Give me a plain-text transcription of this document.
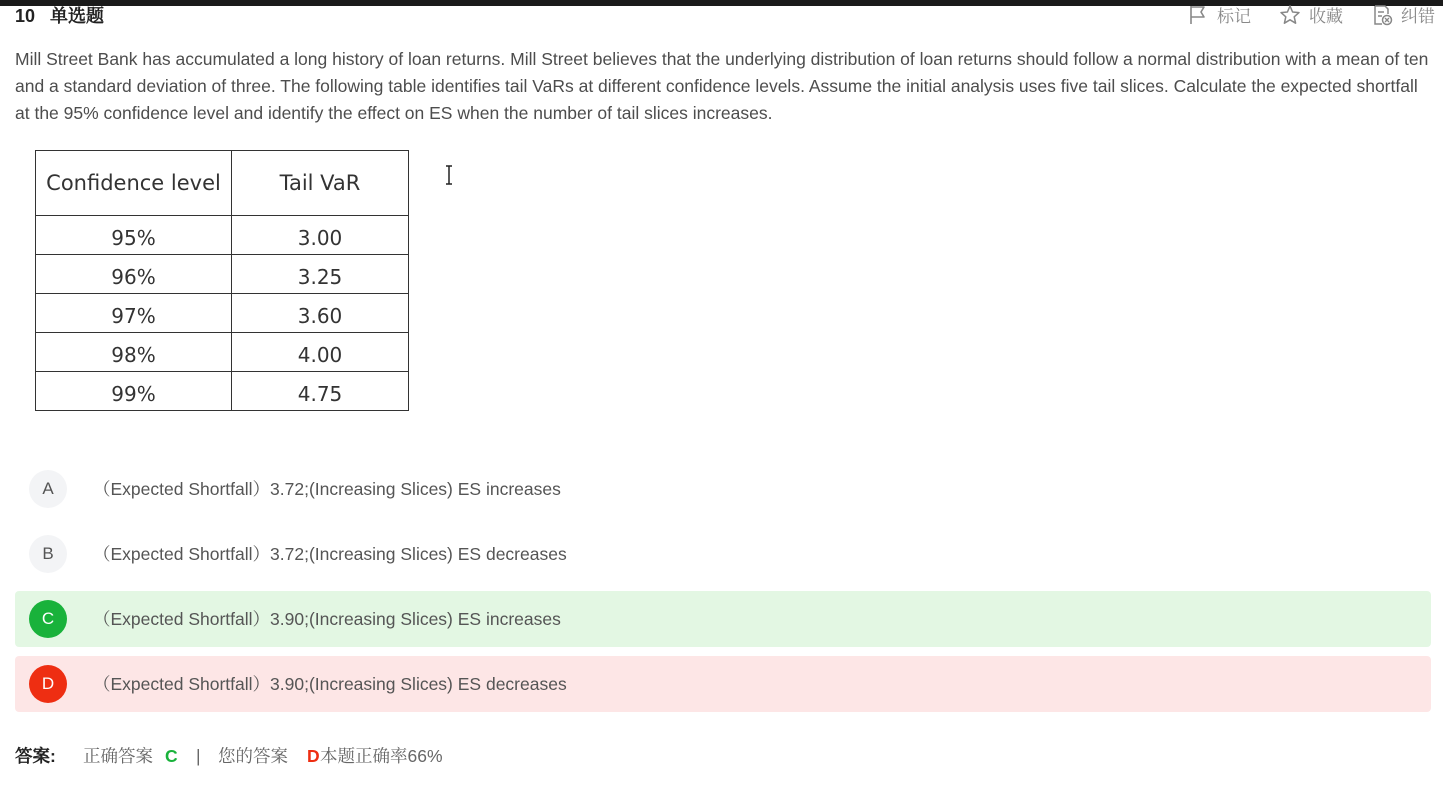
10 单选题	标记	收藏	纠错

Mill Street Bank has accumulated a long history of loan returns. Mill Street believes that the underlying distribution of loan returns should follow a normal distribution with a mean of ten and a standard deviation of three. The following table identifies tail VaRs at different confidence levels. Assume the initial analysis uses five tail slices. Calculate the expected shortfall at the 95% confidence level and identify the effect on ES when the number of tail slices increases.

Confidence level	Tail VaR
95%	3.00
96%	3.25
97%	3.60
98%	4.00
99%	4.75
A	（Expected Shortfall）3.72;(Increasing Slices) ES increases
B	（Expected Shortfall）3.72;(Increasing Slices) ES decreases
C	（Expected Shortfall）3.90;(Increasing Slices) ES increases
D	（Expected Shortfall）3.90;(Increasing Slices) ES decreases
答案: 正确答案 C | 您的答案 D 本题正确率66%
